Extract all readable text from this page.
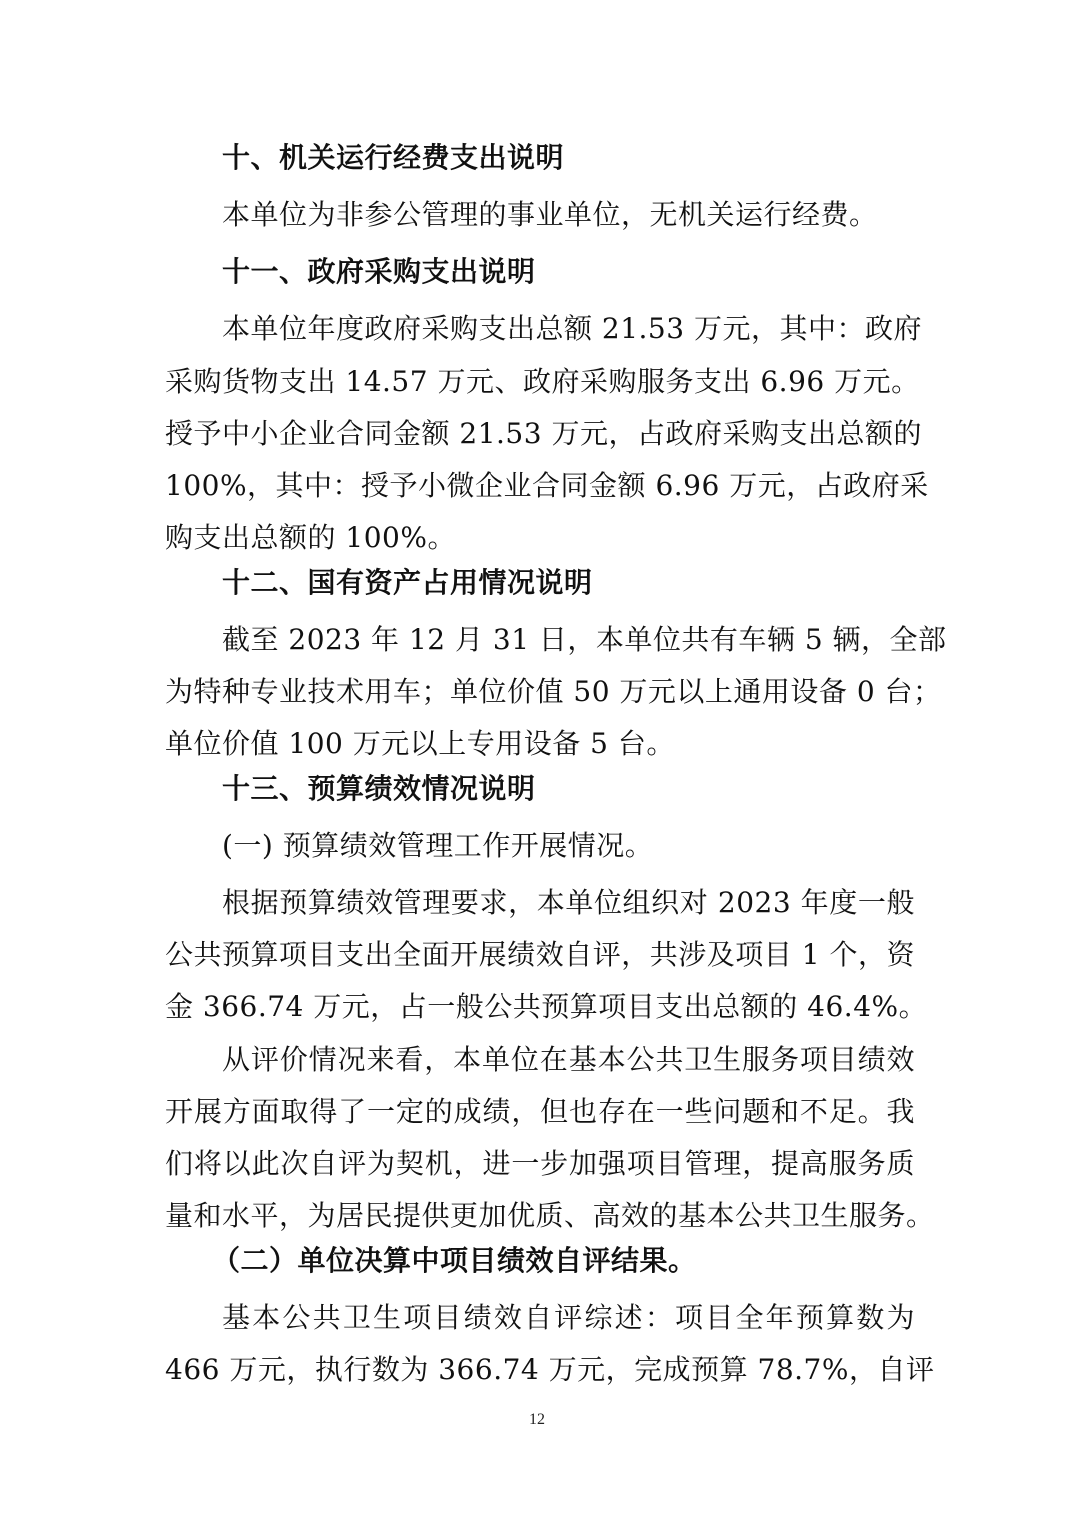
十、机关运行经费支出说明
本单位为非参公管理的事业单位，无机关运行经费。
十一、政府采购支出说明
本单位年度政府采购支出总额 21.53 万元，其中：政府
采购货物支出 14.57 万元、政府采购服务支出 6.96 万元。
授予中小企业合同金额 21.53 万元，占政府采购支出总额的
100%，其中：授予小微企业合同金额 6.96 万元，占政府采
购支出总额的 100%。
十二、国有资产占用情况说明
截至 2023 年 12 月 31 日，本单位共有车辆 5 辆，全部
为特种专业技术用车；单位价值 50 万元以上通用设备 0 台；
单位价值 100 万元以上专用设备 5 台。
十三、预算绩效情况说明
(一) 预算绩效管理工作开展情况。
根据预算绩效管理要求，本单位组织对 2023 年度一般
公共预算项目支出全面开展绩效自评，共涉及项目 1 个，资
金 366.74 万元，占一般公共预算项目支出总额的 46.4%。
从评价情况来看，本单位在基本公共卫生服务项目绩效
开展方面取得了一定的成绩，但也存在一些问题和不足。我
们将以此次自评为契机，进一步加强项目管理，提高服务质
量和水平，为居民提供更加优质、高效的基本公共卫生服务。
（二）单位决算中项目绩效自评结果。
基本公共卫生项目绩效自评综述：项目全年预算数为
466 万元，执行数为 366.74 万元，完成预算 78.7%，自评
12
